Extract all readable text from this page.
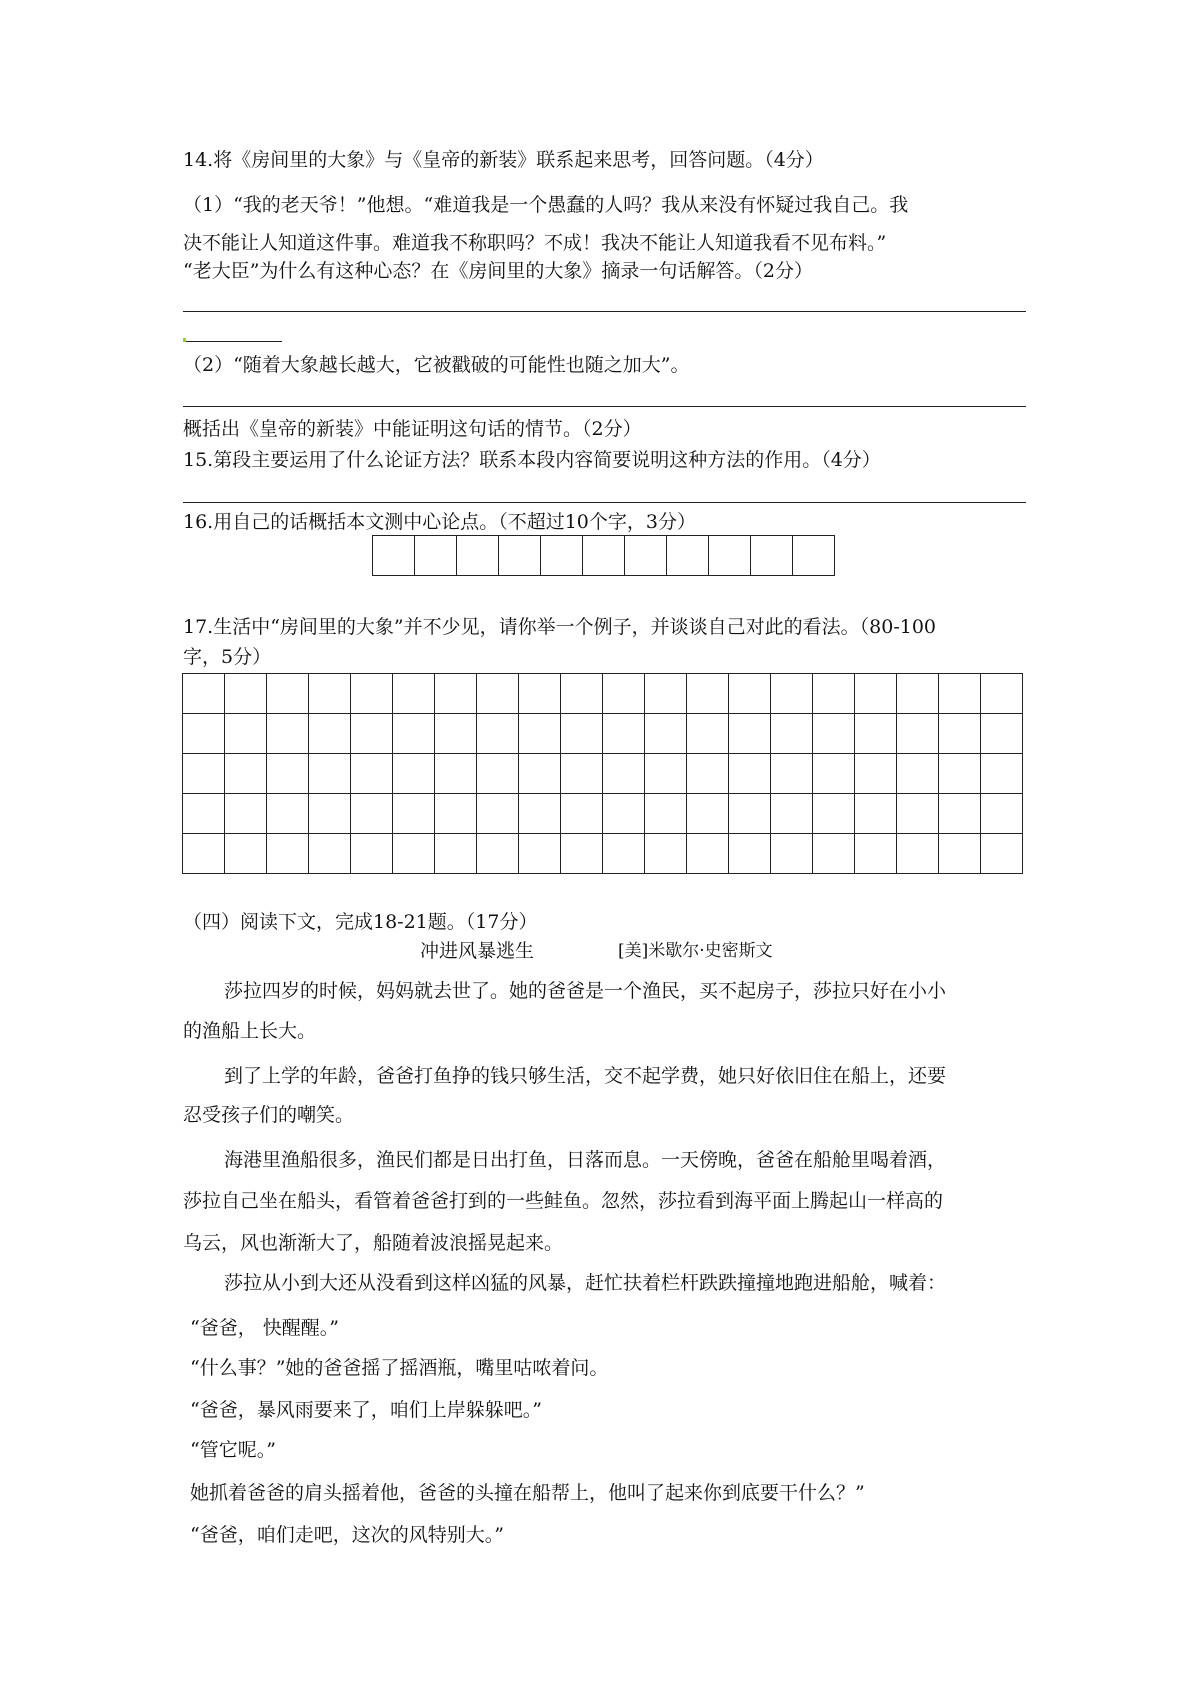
14.将《房间里的大象》与《皇帝的新装》联系起来思考，回答问题。（4分）
（1）“我的老天爷！”他想。“难道我是一个愚蠢的人吗？我从来没有怀疑过我自己。我
决不能让人知道这件事。难道我不称职吗？不成！我决不能让人知道我看不见布料。”
“老大臣”为什么有这种心态？在《房间里的大象》摘录一句话解答。（2分）
（2）“随着大象越长越大，它被戳破的可能性也随之加大”。
概括出《皇帝的新装》中能证明这句话的情节。（2分）
15.第段主要运用了什么论证方法？联系本段内容简要说明这种方法的作用。（4分）
16.用自己的话概括本文测中心论点。（不超过10个字，3分）
17.生活中“房间里的大象”并不少见，请你举一个例子，并谈谈自己对此的看法。（80-100
字，5分）
（四）阅读下文，完成18-21题。（17分）
冲进风暴逃生	[美]米歇尔·史密斯文
莎拉四岁的时候，妈妈就去世了。她的爸爸是一个渔民，买不起房子，莎拉只好在小小
的渔船上长大。
到了上学的年龄，爸爸打鱼挣的钱只够生活，交不起学费，她只好依旧住在船上，还要
忍受孩子们的嘲笑。
海港里渔船很多，渔民们都是日出打鱼，日落而息。一天傍晚，爸爸在船舱里喝着酒，
莎拉自己坐在船头，看管着爸爸打到的一些鲑鱼。忽然，莎拉看到海平面上腾起山一样高的
乌云，风也渐渐大了，船随着波浪摇晃起来。
莎拉从小到大还从没看到这样凶猛的风暴，赶忙扶着栏杆跌跌撞撞地跑进船舱，喊着：
“爸爸， 快醒醒。”
“什么事？”她的爸爸摇了摇酒瓶，嘴里咕哝着问。
“爸爸，暴风雨要来了，咱们上岸躲躲吧。”
“管它呢。”
她抓着爸爸的肩头摇着他，爸爸的头撞在船帮上，他叫了起来你到底要干什么？”
“爸爸，咱们走吧，这次的风特别大。”
